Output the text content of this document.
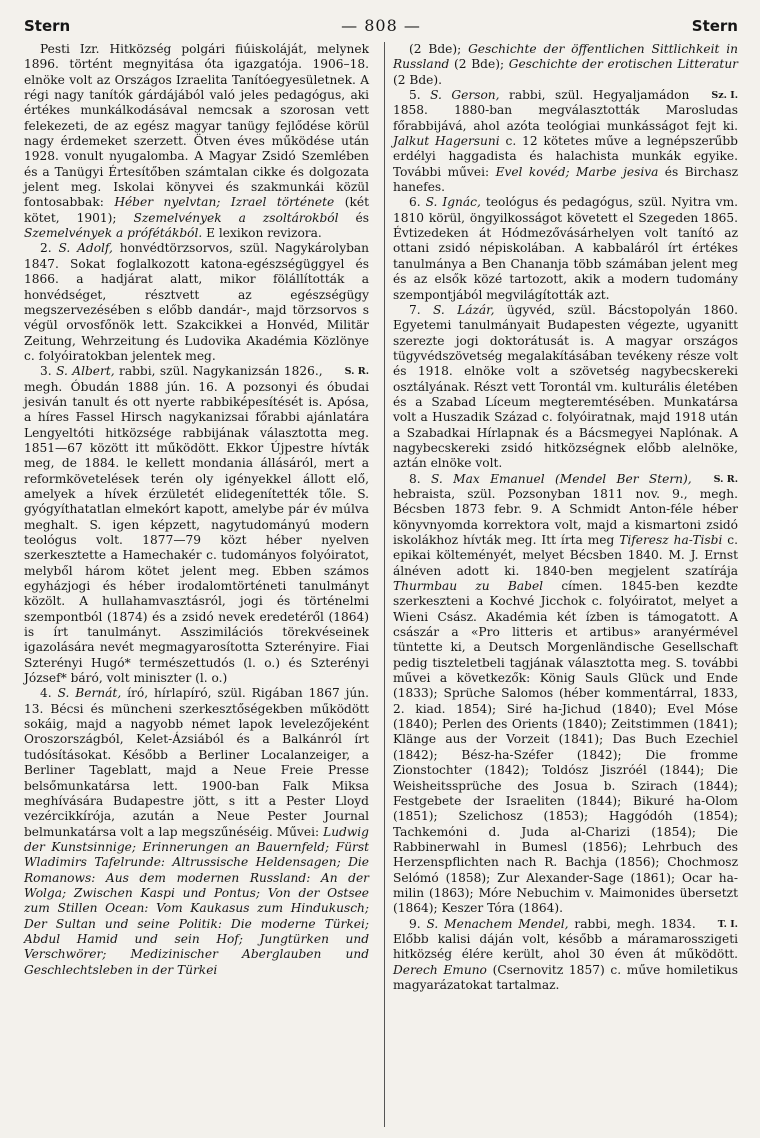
Stern	— 808 —	Stern

Pesti Izr. Hitközség polgári fiúiskoláját, melynek 1896. történt megnyitása óta igazgatója. 1906–18. elnöke volt az Országos Izraelita Tanítóegyesületnek. A régi nagy tanítók gárdájából való jeles pedagógus, aki értékes munkálkodásával nemcsak a szorosan vett felekezeti, de az egész magyar tanügy fejlődése körül nagy érdemeket szerzett. Ötven éves működése után 1928. vonult nyugalomba. A Magyar Zsidó Szemlében és a Tanügyi Értesítőben számtalan cikke és dolgozata jelent meg. Iskolai könyvei és szakmunkái közül fontosabbak: Héber nyelvtan; Izrael története (két kötet, 1901); Szemelvények a zsoltárokból és Szemelvények a prófétákból. E lexikon revizora.

2. S. Adolf, honvédtörzsorvos, szül. Nagykárolyban 1847. Sokat foglalkozott katona-egészségüggyel és 1866. a hadjárat alatt, mikor fölállították a honvédséget, résztvett az egészségügy megszervezésében s előbb dandár-, majd törzsorvos s végül orvosfőnök lett. Szakcikkei a Honvéd, Militär Zeitung, Wehrzeitung és Ludovika Akadémia Közlönye c. folyóiratokban jelentek meg.

S. R.
3. S. Albert, rabbi, szül. Nagykanizsán 1826., megh. Óbudán 1888 jún. 16. A pozsonyi és óbudai jesiván tanult és ott nyerte rabbiképesítését is. Apósa, a híres Fassel Hirsch nagykanizsai főrabbi ajánlatára Lengyeltóti hitközsége rabbijának választotta meg. 1851—67 között itt működött. Ekkor Újpestre hívták meg, de 1884. le kellett mondania állásáról, mert a reformkövetelések terén oly igényekkel állott elő, amelyek a hívek érzületét elidegenítették tőle. S. gyógyíthatatlan elmekórt kapott, amelybe pár év múlva meghalt. S. igen képzett, nagytudományú modern teológus volt. 1877—79 közt héber nyelven szerkesztette a Hamechakér c. tudományos folyóiratot, melyből három kötet jelent meg. Ebben számos egyházjogi és héber irodalomtörténeti tanulmányt közölt. A hullahamvasztásról, jogi és történelmi szempontból (1874) és a zsidó nevek eredetéről (1864) is írt tanulmányt. Asszimilációs törekvéseinek igazolására nevét megmagyarosította Szterényire. Fiai Szterényi Hugó* természettudós (l. o.) és Szterényi József* báró, volt miniszter (l. o.)

4. S. Bernát, író, hírlapíró, szül. Rigában 1867 jún. 13. Bécsi és müncheni szerkesztőségekben működött sokáig, majd a nagyobb német lapok levelezőjeként Oroszországból, Kelet-Ázsiából és a Balkánról írt tudósításokat. Később a Berliner Localanzeiger, a Berliner Tageblatt, majd a Neue Freie Presse belsőmunkatársa lett. 1900-ban Falk Miksa meghívására Budapestre jött, s itt a Pester Lloyd vezércikkírója, azután a Neue Pester Journal belmunkatársa volt a lap megszűnéséig. Művei: Ludwig der Kunstsinnige; Erinnerungen an Bauernfeld; Fürst Wladimirs Tafelrunde: Altrussische Heldensagen; Die Romanows: Aus dem modernen Russland: An der Wolga; Zwischen Kaspi und Pontus; Von der Ostsee zum Stillen Ocean: Vom Kaukasus zum Hindukusch; Der Sultan und seine Politik: Die moderne Türkei; Abdul Hamid und sein Hof; Jungtürken und Verschwörer; Medizinischer Aberglauben und Geschlechtsleben in der Türkei

(2 Bde); Geschichte der öffentlichen Sittlichkeit in Russland (2 Bde); Geschichte der erotischen Litteratur (2 Bde).

Sz. I.
5. S. Gerson, rabbi, szül. Hegyaljamádon 1858. 1880-ban megválasztották Marosludas főrabbijává, ahol azóta teológiai munkásságot fejt ki. Jalkut Hagersuni c. 12 kötetes műve a legnépszerűbb erdélyi haggadista és halachista munkák egyike. További művei: Evel kovéd; Marbe jesiva és Birchasz hanefes.

6. S. Ignác, teológus és pedagógus, szül. Nyitra vm. 1810 körül, öngyilkosságot követett el Szegeden 1865. Évtizedeken át Hódmezővásárhelyen volt tanító az ottani zsidó népiskolában. A kabbaláról írt értékes tanulmánya a Ben Chananja több számában jelent meg és az elsők közé tartozott, akik a modern tudomány szempontjából megvilágították azt.

7. S. Lázár, ügyvéd, szül. Bácstopolyán 1860. Egyetemi tanulmányait Budapesten végezte, ugyanitt szerezte jogi doktorátusát is. A magyar országos tügyvédszövetség megalakításában tevékeny része volt és 1918. elnöke volt a szövetség nagybecskereki osztályának. Részt vett Torontál vm. kulturális életében és a Szabad Líceum megteremtésében. Munkatársa volt a Huszadik Század c. folyóiratnak, majd 1918 után a Szabadkai Hírlapnak és a Bácsmegyei Naplónak. A nagybecskereki zsidó hitközségnek előbb alelnöke, aztán elnöke volt.

S. R.
8. S. Max Emanuel (Mendel Ber Stern), hebraista, szül. Pozsonyban 1811 nov. 9., megh. Bécsben 1873 febr. 9. A Schmidt Anton-féle héber könyvnyomda korrektora volt, majd a kismartoni zsidó iskolákhoz hívták meg. Itt írta meg Tiferesz ha-Tisbi c. epikai költeményét, melyet Bécsben 1840. M. J. Ernst álnéven adott ki. 1840-ben megjelent szatírája Thurmbau zu Babel címen. 1845-ben kezdte szerkeszteni a Kochvé Jicchok c. folyóiratot, melyet a Wieni Csász. Akadémia két ízben is támogatott. A császár a «Pro litteris et artibus» aranyérmével tüntette ki, a Deutsch Morgenländische Gesellschaft pedig tiszteletbeli tagjának választotta meg. S. további művei a következők: König Sauls Glück und Ende (1833); Sprüche Salomos (héber kommentárral, 1833, 2. kiad. 1854); Siré ha-Jichud (1840); Evel Móse (1840); Perlen des Orients (1840); Zeitstimmen (1841); Klänge aus der Vorzeit (1841); Das Buch Ezechiel (1842); Bész-ha-Széfer (1842); Die fromme Zionstochter (1842); Toldósz Jiszróél (1844); Die Weisheitssprüche des Josua b. Szirach (1844); Festgebete der Israeliten (1844); Bikuré ha-Olom (1851); Szelichosz (1853); Haggódóh (1854); Tachkemóni d. Juda al-Charizi (1854); Die Rabbinerwahl in Bumesl (1856); Lehrbuch des Herzenspflichten nach R. Bachja (1856); Chochmosz Selómó (1858); Zur Alexander-Sage (1861); Ocar ha-milin (1863); Móre Nebuchim v. Maimonides übersetzt (1864); Keszer Tóra (1864).

T. I.
9. S. Menachem Mendel, rabbi, megh. 1834. Előbb kalisi dáján volt, később a máramarosszigeti hitközség élére került, ahol 30 éven át működött. Derech Emuno (Csernovitz 1857) c. műve homiletikus magyarázatokat tartalmaz.
